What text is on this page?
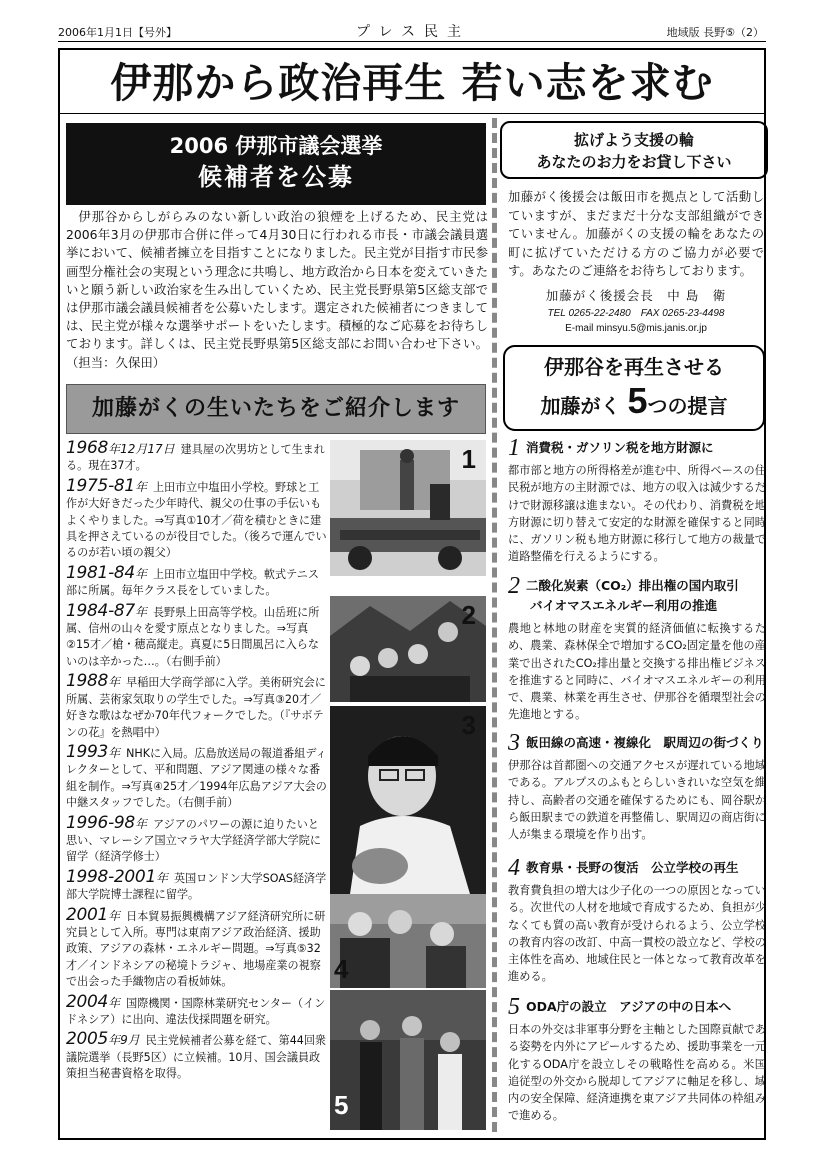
2006年1月1日【号外】	プレス民主	地域版 長野⑤（2）
伊那から政治再生 若い志を求む
2006 伊那市議会選挙
候補者を公募
伊那谷からしがらみのない新しい政治の狼煙を上げるため、民主党は2006年3月の伊那市合併に伴って4月30日に行われる市長・市議会議員選挙において、候補者擁立を目指すことになりました。民主党が目指す市民参画型分権社会の実現という理念に共鳴し、地方政治から日本を変えていきたいと願う新しい政治家を生み出していくため、民主党長野県第5区総支部では伊那市議会議員候補者を公募いたします。選定された候補者につきましては、民主党が様々な選挙サポートをいたします。積極的なご応募をお待ちしております。詳しくは、民主党長野県第5区総支部にお問い合わせ下さい。（担当：久保田）
加藤がくの生いたちをご紹介します
1968年12月17日 建具屋の次男坊として生まれる。現在37才。
1975-81年 上田市立中塩田小学校。野球と工作が大好きだった少年時代、親父の仕事の手伝いもよくやりました。⇒写真①10才／荷を積むときに建具を押さえているのが役目でした。（後ろで運んでいるのが若い頃の親父）
1981-84年 上田市立塩田中学校。軟式テニス部に所属。毎年クラス長をしていました。
1984-87年 長野県上田高等学校。山岳班に所属、信州の山々を愛す原点となりました。⇒写真②15才／槍・穂高縦走。真夏に5日間風呂に入らないのは辛かった…。（右側手前）
1988年 早稲田大学商学部に入学。美術研究会に所属、芸術家気取りの学生でした。⇒写真③20才／好きな歌はなぜか70年代フォークでした。（『サボテンの花』を熱唱中）
1993年 NHKに入局。広島放送局の報道番組ディレクターとして、平和問題、アジア関連の様々な番組を制作。⇒写真④25才／1994年広島アジア大会の中継スタッフでした。（右側手前）
1996-98年 アジアのパワーの源に迫りたいと思い、マレーシア国立マラヤ大学経済学部大学院に留学（経済学修士）
1998-2001年 英国ロンドン大学SOAS経済学部大学院博士課程に留学。
2001年 日本貿易振興機構アジア経済研究所に研究員として入所。専門は東南アジア政治経済、援助政策、アジアの森林・エネルギー問題。⇒写真⑤32才／インドネシアの秘境トラジャ、地場産業の視察で出会った手織物店の看板姉妹。
2004年 国際機関・国際林業研究センター（インドネシア）に出向、違法伐採問題を研究。
2005年9月 民主党候補者公募を経て、第44回衆議院選挙（長野5区）に立候補。10月、国会議員政策担当秘書資格を取得。
1
2
3
4
5
拡げよう支援の輪
あなたのお力をお貸し下さい
加藤がく後援会は飯田市を拠点として活動していますが、まだまだ十分な支部組織ができていません。加藤がくの支援の輪をあなたの町に拡げていただける方のご協力が必要です。あなたのご連絡をお待ちしております。
加藤がく後援会長　中 島　衛
TEL 0265-22-2480　FAX 0265-23-4498
E-mail minsyu.5@mis.janis.or.jp
伊那谷を再生させる
加藤がく 5つの提言
1 消費税・ガソリン税を地方財源に
都市部と地方の所得格差が進む中、所得ベースの住民税が地方の主財源では、地方の収入は減少するだけで財源移譲は進まない。その代わり、消費税を地方財源に切り替えて安定的な財源を確保すると同時に、ガソリン税も地方財源に移行して地方の裁量で道路整備を行えるようにする。
2 二酸化炭素（CO₂）排出権の国内取引
バイオマスエネルギー利用の推進
農地と林地の財産を実質的経済価値に転換するため、農業、森林保全で増加するCO₂固定量を他の産業で出されたCO₂排出量と交換する排出権ビジネスを推進すると同時に、バイオマスエネルギーの利用で、農業、林業を再生させ、伊那谷を循環型社会の先進地とする。
3 飯田線の高速・複線化　駅周辺の街づくり
伊那谷は首都圏への交通アクセスが遅れている地域である。アルプスのふもとらしいきれいな空気を維持し、高齢者の交通を確保するためにも、岡谷駅から飯田駅までの鉄道を再整備し、駅周辺の商店街に人が集まる環境を作り出す。
4 教育県・長野の復活　公立学校の再生
教育費負担の増大は少子化の一つの原因となっている。次世代の人材を地域で育成するため、負担が少なくても質の高い教育が受けられるよう、公立学校の教育内容の改訂、中高一貫校の設立など、学校の主体性を高め、地域住民と一体となって教育改革を進める。
5 ODA庁の設立　アジアの中の日本へ
日本の外交は非軍事分野を主軸とした国際貢献である姿勢を内外にアピールするため、援助事業を一元化するODA庁を設立しその戦略性を高める。米国追従型の外交から脱却してアジアに軸足を移し、域内の安全保障、経済連携を東アジア共同体の枠組みで進める。
